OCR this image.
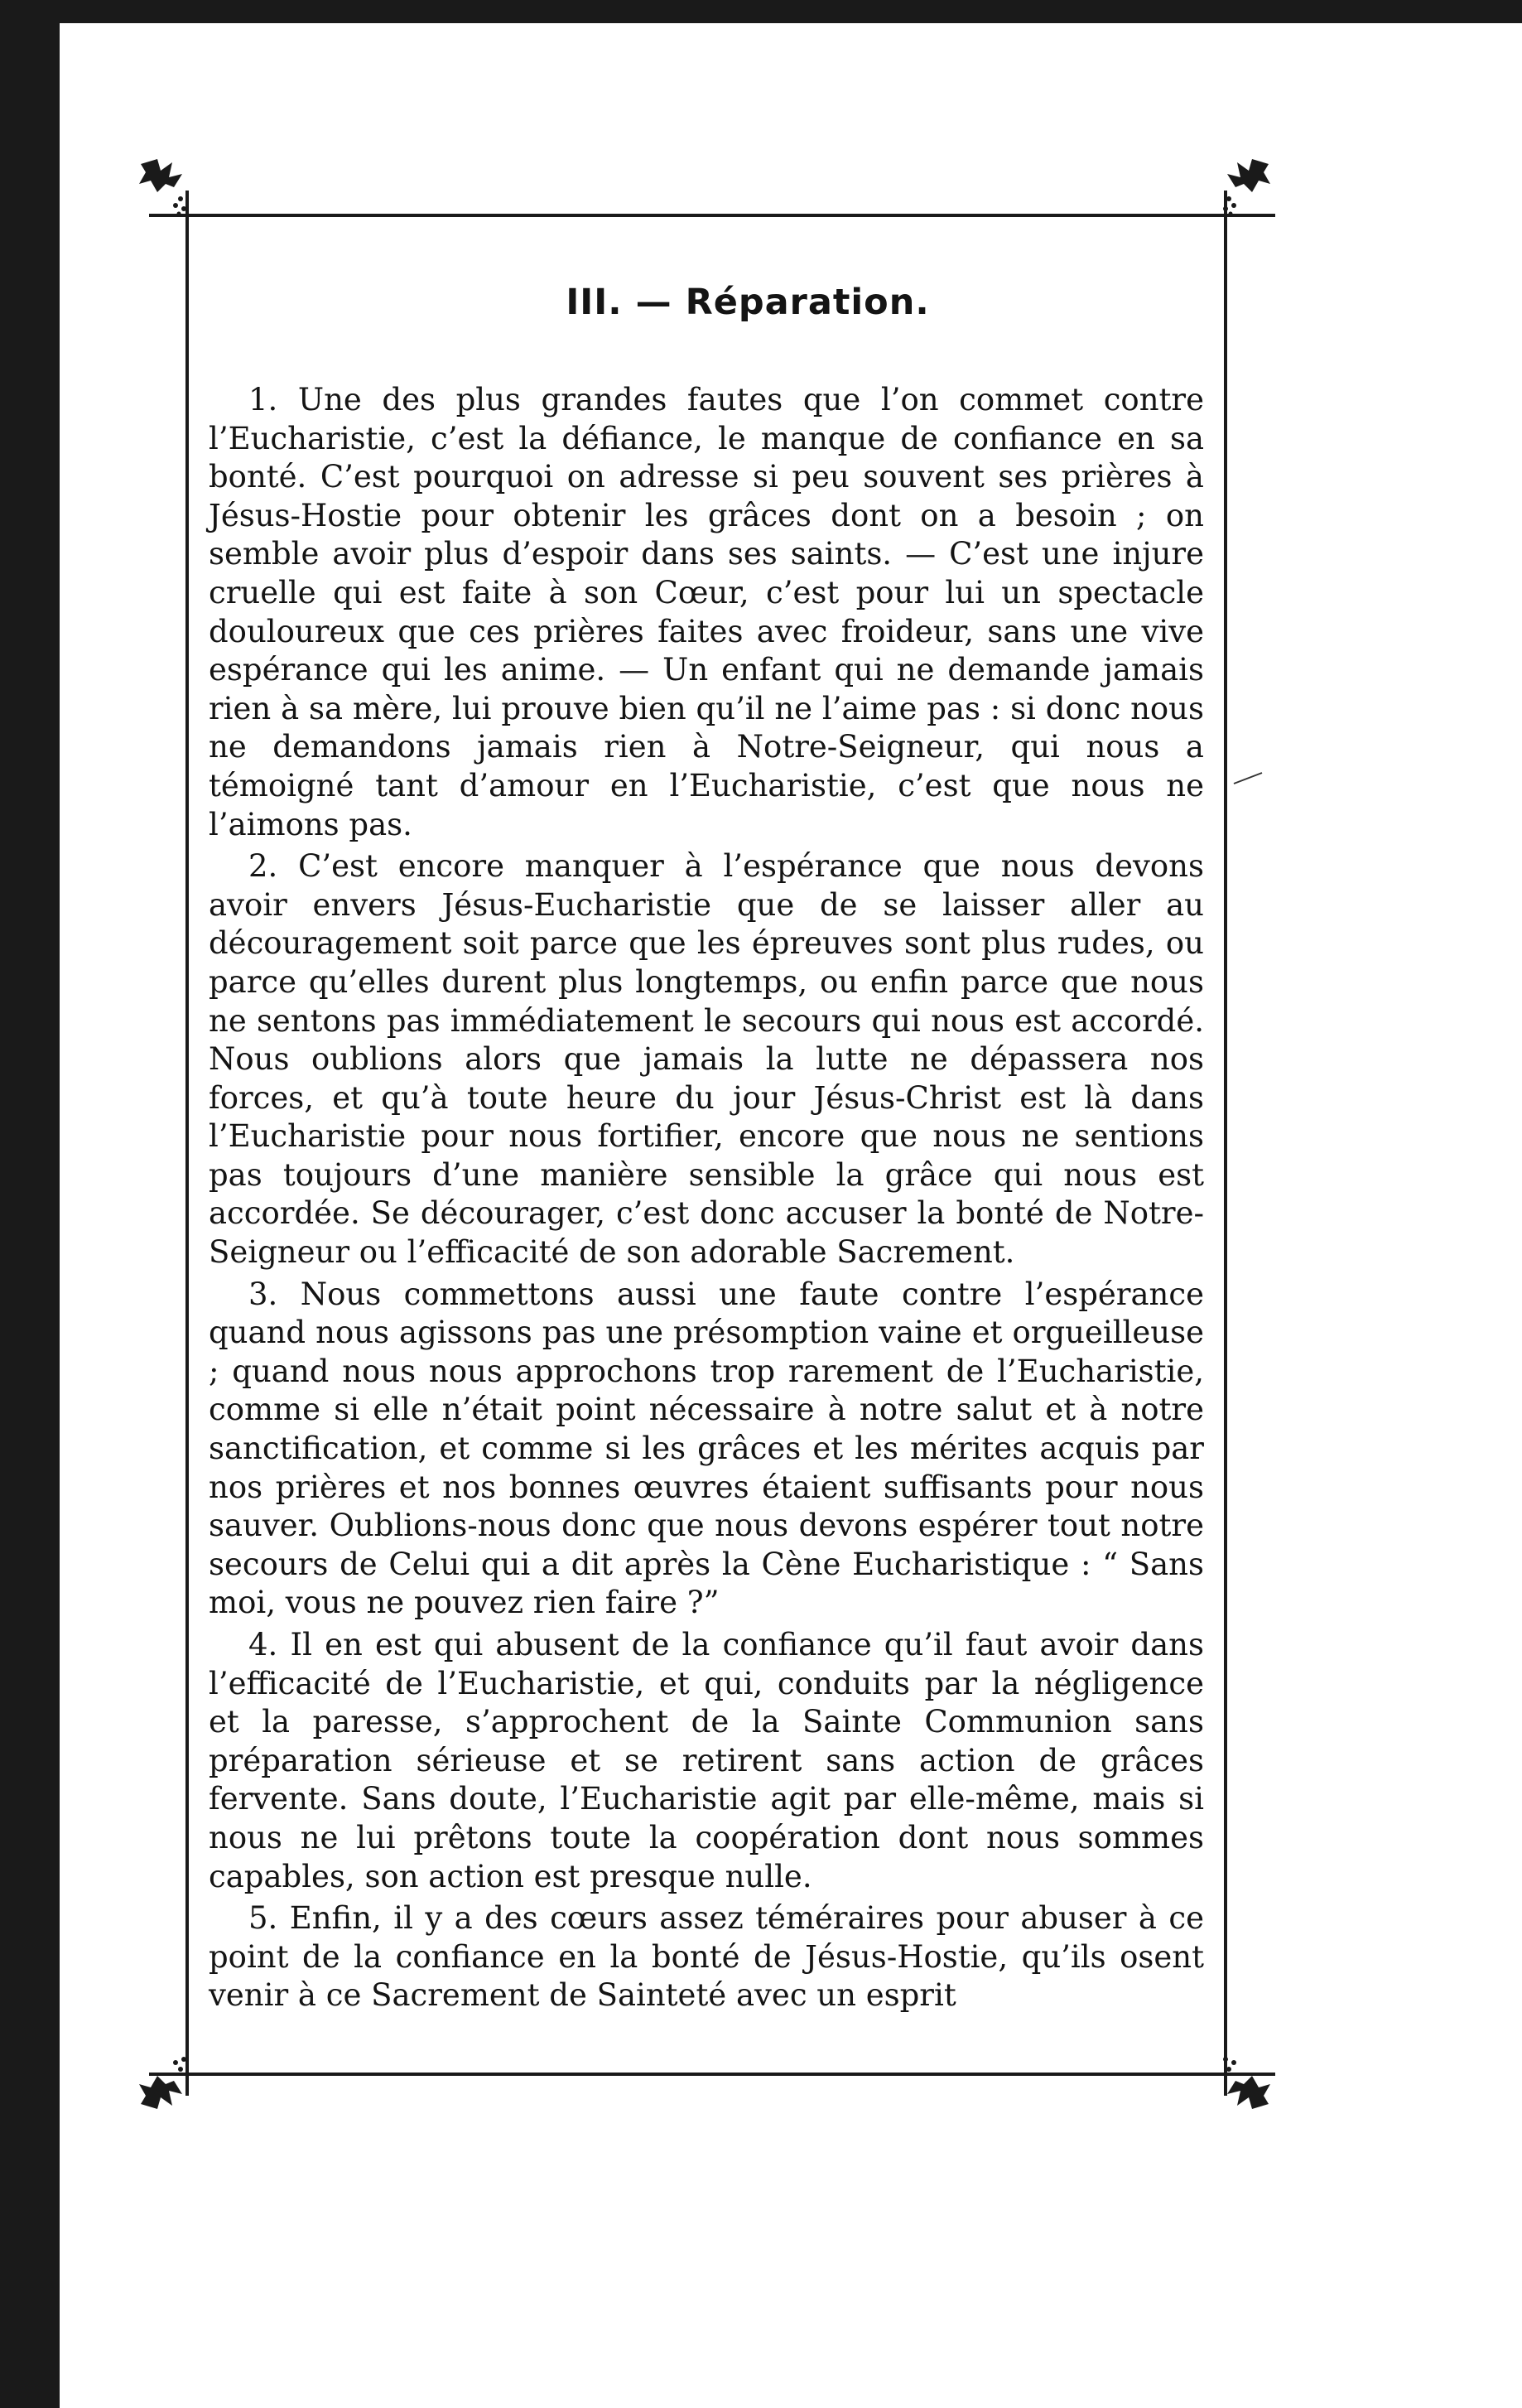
III. — Réparation.

1. Une des plus grandes fautes que l’on commet contre l’Eucharistie, c’est la défiance, le manque de confiance en sa bonté. C’est pourquoi on adresse si peu souvent ses prières à Jésus-Hostie pour obtenir les grâces dont on a besoin ; on semble avoir plus d’espoir dans ses saints. — C’est une injure cruelle qui est faite à son Cœur, c’est pour lui un spectacle douloureux que ces prières faites avec froideur, sans une vive espérance qui les anime. — Un enfant qui ne demande jamais rien à sa mère, lui prouve bien qu’il ne l’aime pas : si donc nous ne demandons jamais rien à Notre-Seigneur, qui nous a témoigné tant d’amour en l’Eucharistie, c’est que nous ne l’aimons pas.

2. C’est encore manquer à l’espérance que nous devons avoir envers Jésus-Eucharistie que de se laisser aller au découragement soit parce que les épreuves sont plus rudes, ou parce qu’elles durent plus longtemps, ou enfin parce que nous ne sentons pas immédiatement le secours qui nous est accordé. Nous oublions alors que jamais la lutte ne dépassera nos forces, et qu’à toute heure du jour Jésus-Christ est là dans l’Eucharistie pour nous fortifier, encore que nous ne sentions pas toujours d’une manière sensible la grâce qui nous est accordée. Se décourager, c’est donc accuser la bonté de Notre-Seigneur ou l’efficacité de son adorable Sacrement.

3. Nous commettons aussi une faute contre l’espérance quand nous agissons pas une présomption vaine et orgueilleuse ; quand nous nous approchons trop rarement de l’Eucharistie, comme si elle n’était point nécessaire à notre salut et à notre sanctification, et comme si les grâces et les mérites acquis par nos prières et nos bonnes œuvres étaient suffisants pour nous sauver. Oublions-nous donc que nous devons espérer tout notre secours de Celui qui a dit après la Cène Eucharistique : “ Sans moi, vous ne pouvez rien faire ?”

4. Il en est qui abusent de la confiance qu’il faut avoir dans l’efficacité de l’Eucharistie, et qui, conduits par la négligence et la paresse, s’approchent de la Sainte Communion sans préparation sérieuse et se retirent sans action de grâces fervente. Sans doute, l’Eucharistie agit par elle-même, mais si nous ne lui prêtons toute la coopération dont nous sommes capables, son action est presque nulle.

5. Enfin, il y a des cœurs assez téméraires pour abuser à ce point de la confiance en la bonté de Jésus-Hostie, qu’ils osent venir à ce Sacrement de Sainteté avec un esprit
